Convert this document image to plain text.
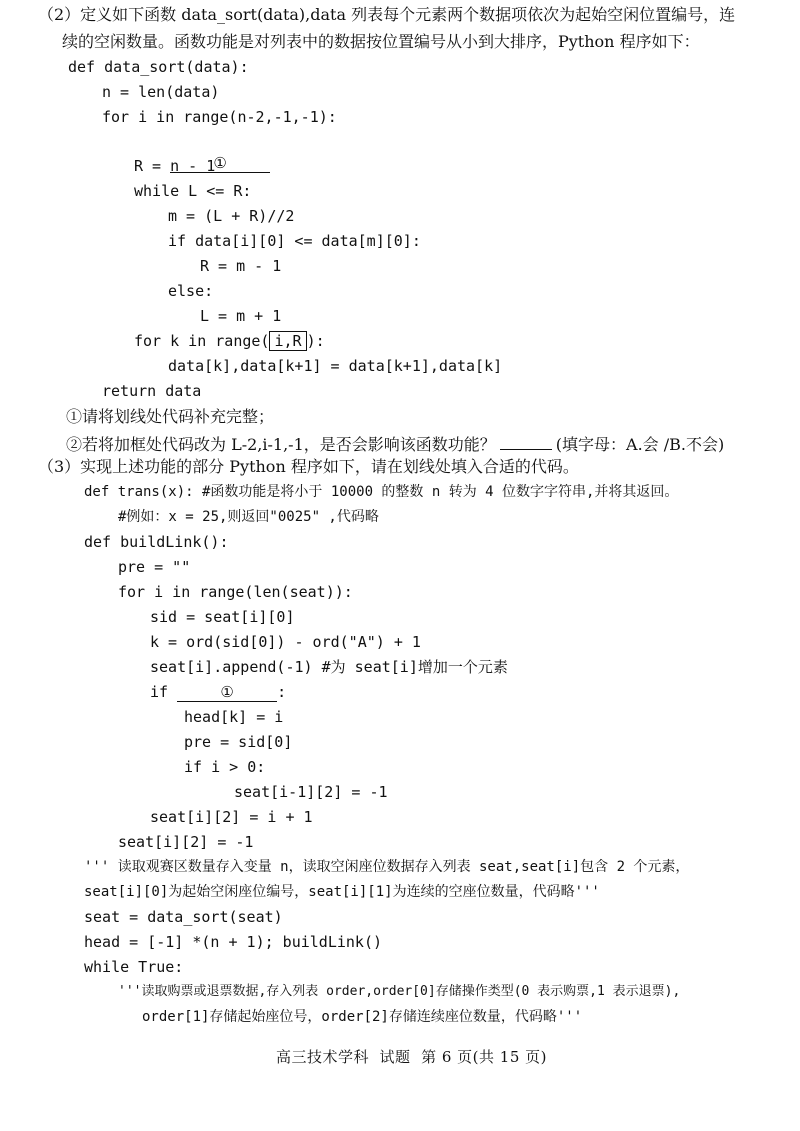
（2）定义如下函数 data_sort(data),data 列表每个元素两个数据项依次为起始空闲位置编号，连
续的空闲数量。函数功能是对列表中的数据按位置编号从小到大排序，Python 程序如下：
def data_sort(data):
n = len(data)
for i in range(n-2,-1,-1):

①

R = n - 1
while L <= R:
m = (L + R)//2
if data[i][0] <= data[m][0]:
R = m - 1
else:
L = m + 1
for k in range( i,R ):
data[k],data[k+1] = data[k+1],data[k]
return data
①请将划线处代码补充完整；
②若将加框处代码改为 L-2,i-1,-1，是否会影响该函数功能？	(填字母：A.会 /B.不会)
（3）实现上述功能的部分 Python 程序如下，请在划线处填入合适的代码。
def trans(x): #函数功能是将小于 10000 的整数 n 转为 4 位数字字符串,并将其返回。
#例如：x = 25,则返回"0025" ,代码略
def buildLink():
pre = ""
for i in range(len(seat)):
sid = seat[i][0]
k = ord(sid[0]) - ord("A") + 1
seat[i].append(-1) #为 seat[i]增加一个元素
if	①	:
head[k] = i
pre = sid[0]
if i > 0:
seat[i-1][2] = -1
seat[i][2] = i + 1
seat[i][2] = -1
''' 读取观赛区数量存入变量 n，读取空闲座位数据存入列表 seat,seat[i]包含 2 个元素，
seat[i][0]为起始空闲座位编号，seat[i][1]为连续的空座位数量，代码略'''
seat = data_sort(seat)
head = [-1] *(n + 1); buildLink()
while True:
'''读取购票或退票数据,存入列表 order,order[0]存储操作类型(0 表示购票,1 表示退票),
order[1]存储起始座位号，order[2]存储连续座位数量，代码略'''
高三技术学科  试题  第 6 页(共 15 页)
